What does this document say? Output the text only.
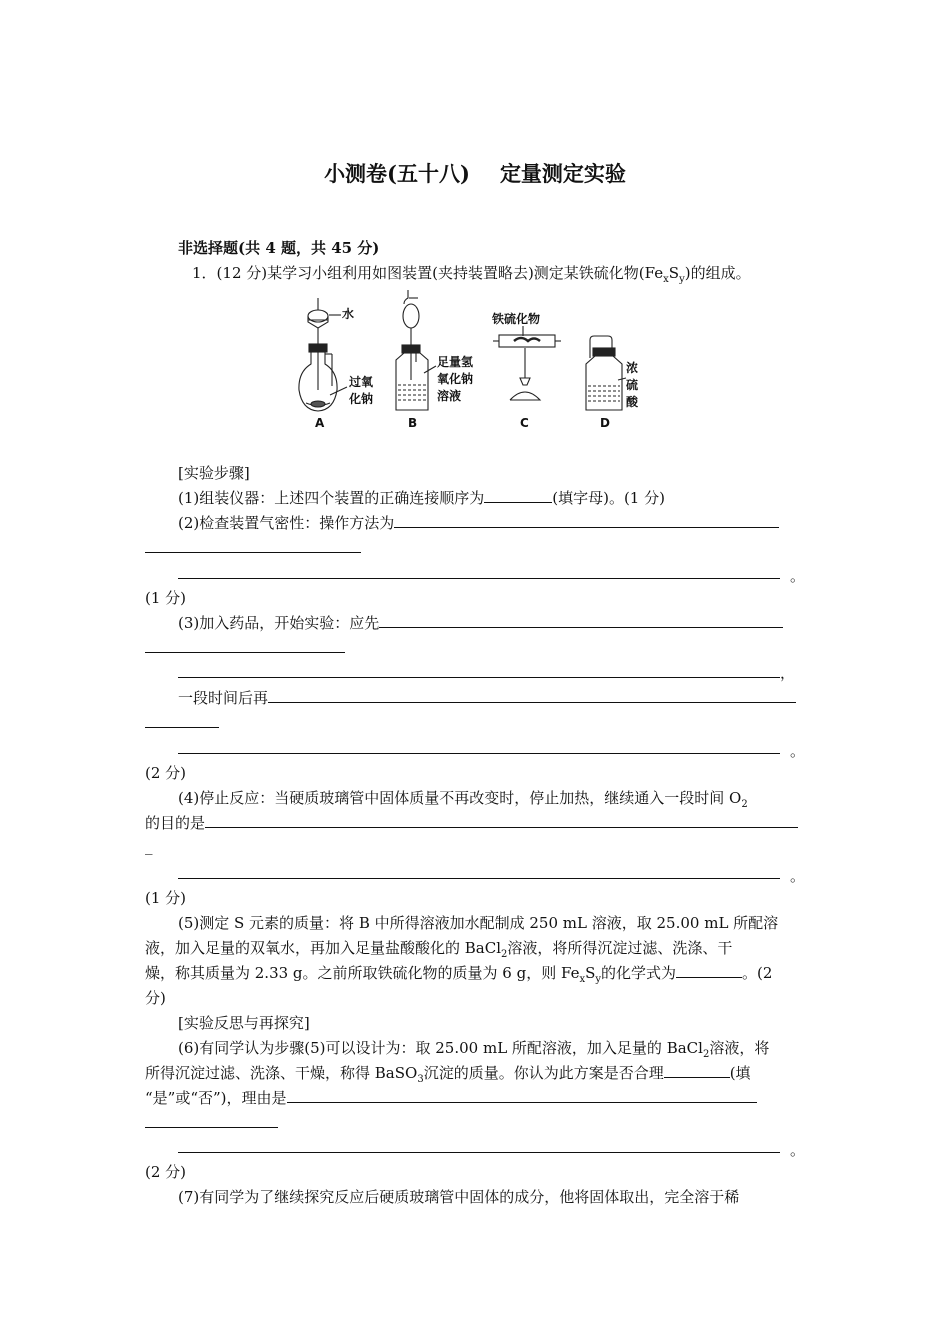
小测卷(五十八) 定量测定实验
非选择题(共 4 题，共 45 分)
1．(12 分)某学习小组利用如图装置(夹持装置略去)测定某铁硫化物$(Fe_xS_y)$的组成。
水
过氧
化钠
足量氢
氧化钠
溶液
铁硫化物
浓
硫
酸
A	B	C	D
[实验步骤]
(1)组装仪器：上述四个装置的正确连接顺序为	(填字母)。(1 分)
(2)检查装置气密性：操作方法为
。
(1 分)
(3)加入药品，开始实验：应先
，
一段时间后再
。
(2 分)
(4)停止反应：当硬质玻璃管中固体质量不再改变时，停止加热，继续通入一段时间 $O_2$
的目的是
_
。
(1 分)
(5)测定 S 元素的质量：将 B 中所得溶液加水配制成 250 mL 溶液，取 25.00 mL 所配溶
液，加入足量的双氧水，再加入足量盐酸酸化的 BaCl$_2$溶液，将所得沉淀过滤、洗涤、干
燥，称其质量为 2.33 g。之前所取铁硫化物的质量为 6 g，则 $Fe_xS_y$的化学式为	。(2
分)
[实验反思与再探究]
(6)有同学认为步骤(5)可以设计为：取 25.00 mL 所配溶液，加入足量的 BaCl$_2$溶液，将
所得沉淀过滤、洗涤、干燥，称得 BaSO$_3$沉淀的质量。你认为此方案是否合理	(填
“是”或“否”)，理由是
。
(2 分)
(7)有同学为了继续探究反应后硬质玻璃管中固体的成分，他将固体取出，完全溶于稀
